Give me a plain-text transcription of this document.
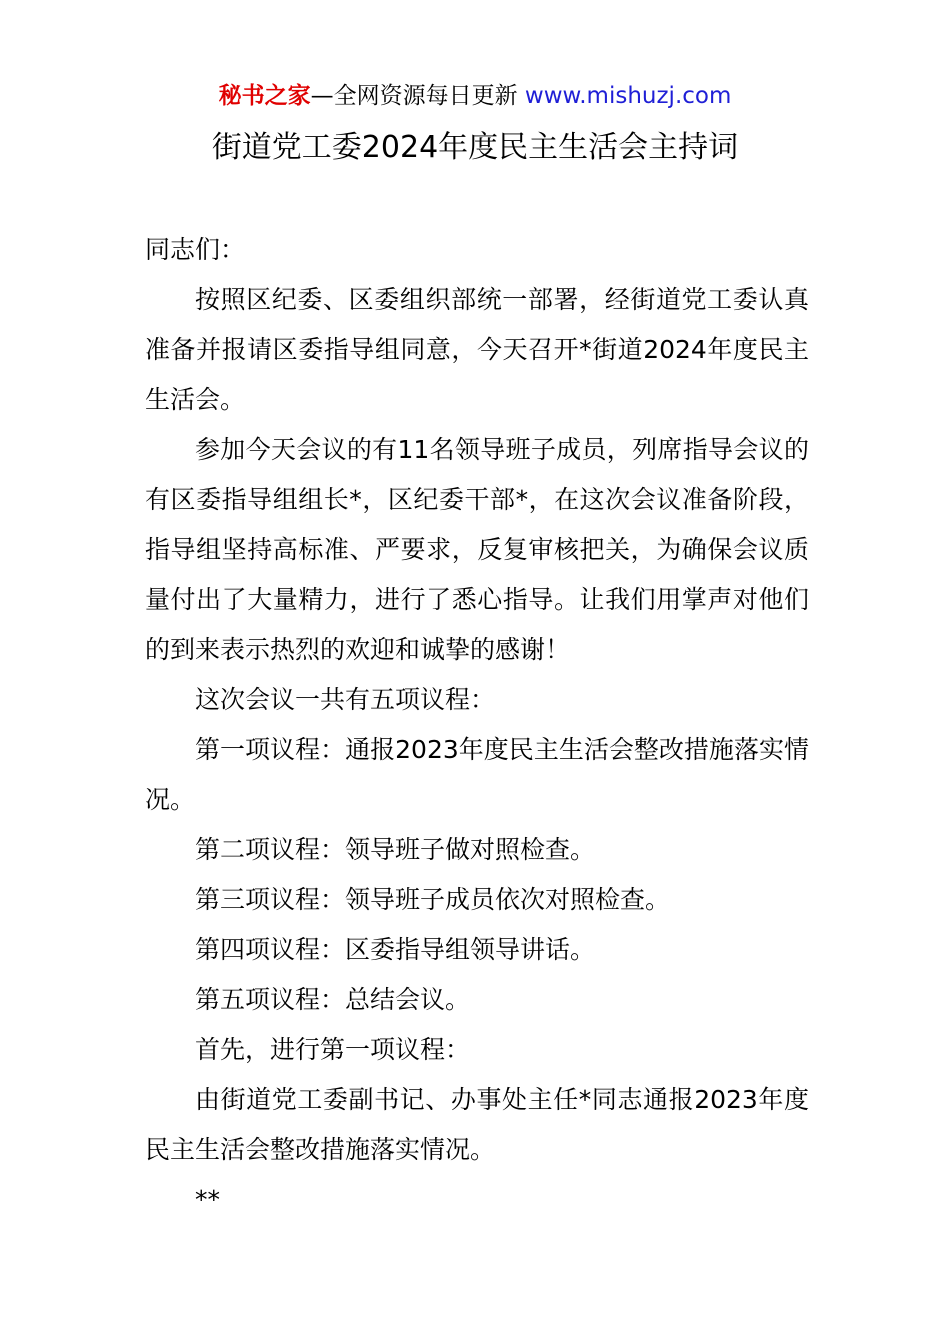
秘书之家—全网资源每日更新 www.mishuzj.com
街道党工委2024年度民主生活会主持词

同志们：

按照区纪委、区委组织部统一部署，经街道党工委认真准备并报请区委指导组同意，今天召开*街道2024年度民主生活会。

参加今天会议的有11名领导班子成员，列席指导会议的有区委指导组组长*，区纪委干部*，在这次会议准备阶段，指导组坚持高标准、严要求，反复审核把关，为确保会议质量付出了大量精力，进行了悉心指导。让我们用掌声对他们的到来表示热烈的欢迎和诚挚的感谢！

这次会议一共有五项议程：

第一项议程：通报2023年度民主生活会整改措施落实情况。

第二项议程：领导班子做对照检查。

第三项议程：领导班子成员依次对照检查。

第四项议程：区委指导组领导讲话。

第五项议程：总结会议。

首先，进行第一项议程：

由街道党工委副书记、办事处主任*同志通报2023年度民主生活会整改措施落实情况。

**
